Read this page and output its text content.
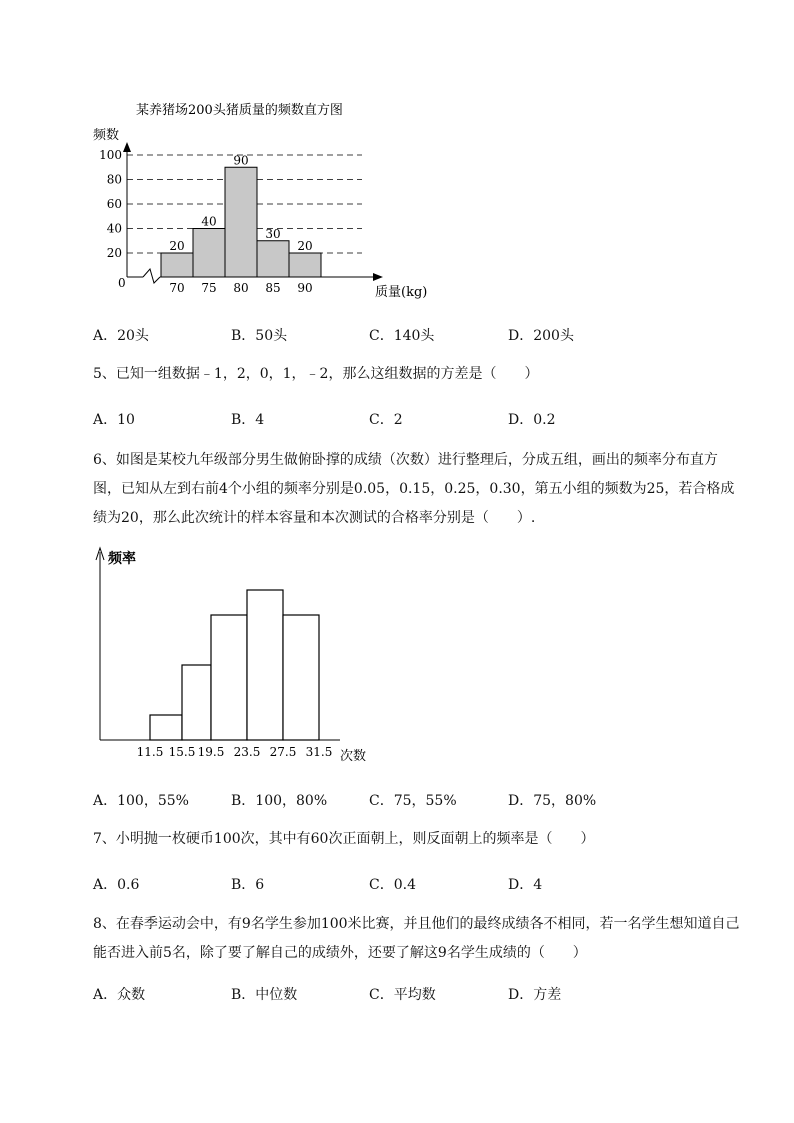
某养猪场200头猪质量的频数直方图
频数
100
80
60
40
20	20
40
90
30
20
70 75 80 85 90
0
质量(kg)
A．20头	B．50头	C．140头	D．200头
5、已知一组数据﹣1，2，0，1，﹣2，那么这组数据的方差是（　　）
A．10	B．4	C．2	D．0.2
6、如图是某校九年级部分男生做俯卧撑的成绩（次数）进行整理后，分成五组，画出的频率分布直方图，已知从左到右前4个小组的频率分别是0.05，0.15，0.25，0.30，第五小组的频数为25，若合格成绩为20，那么此次统计的样本容量和本次测试的合格率分别是（　　）.
频率
11.5 15.5 19.5 23.5 27.5 31.5 次数
A．100，55%	B．100，80%	C．75，55%	D．75，80%
7、小明抛一枚硬币100次，其中有60次正面朝上，则反面朝上的频率是（　　）
A．0.6	B．6	C．0.4	D．4
8、在春季运动会中，有9名学生参加100米比赛，并且他们的最终成绩各不相同，若一名学生想知道自己能否进入前5名，除了要了解自己的成绩外，还要了解这9名学生成绩的（　　）
A．众数	B．中位数	C．平均数	D．方差
